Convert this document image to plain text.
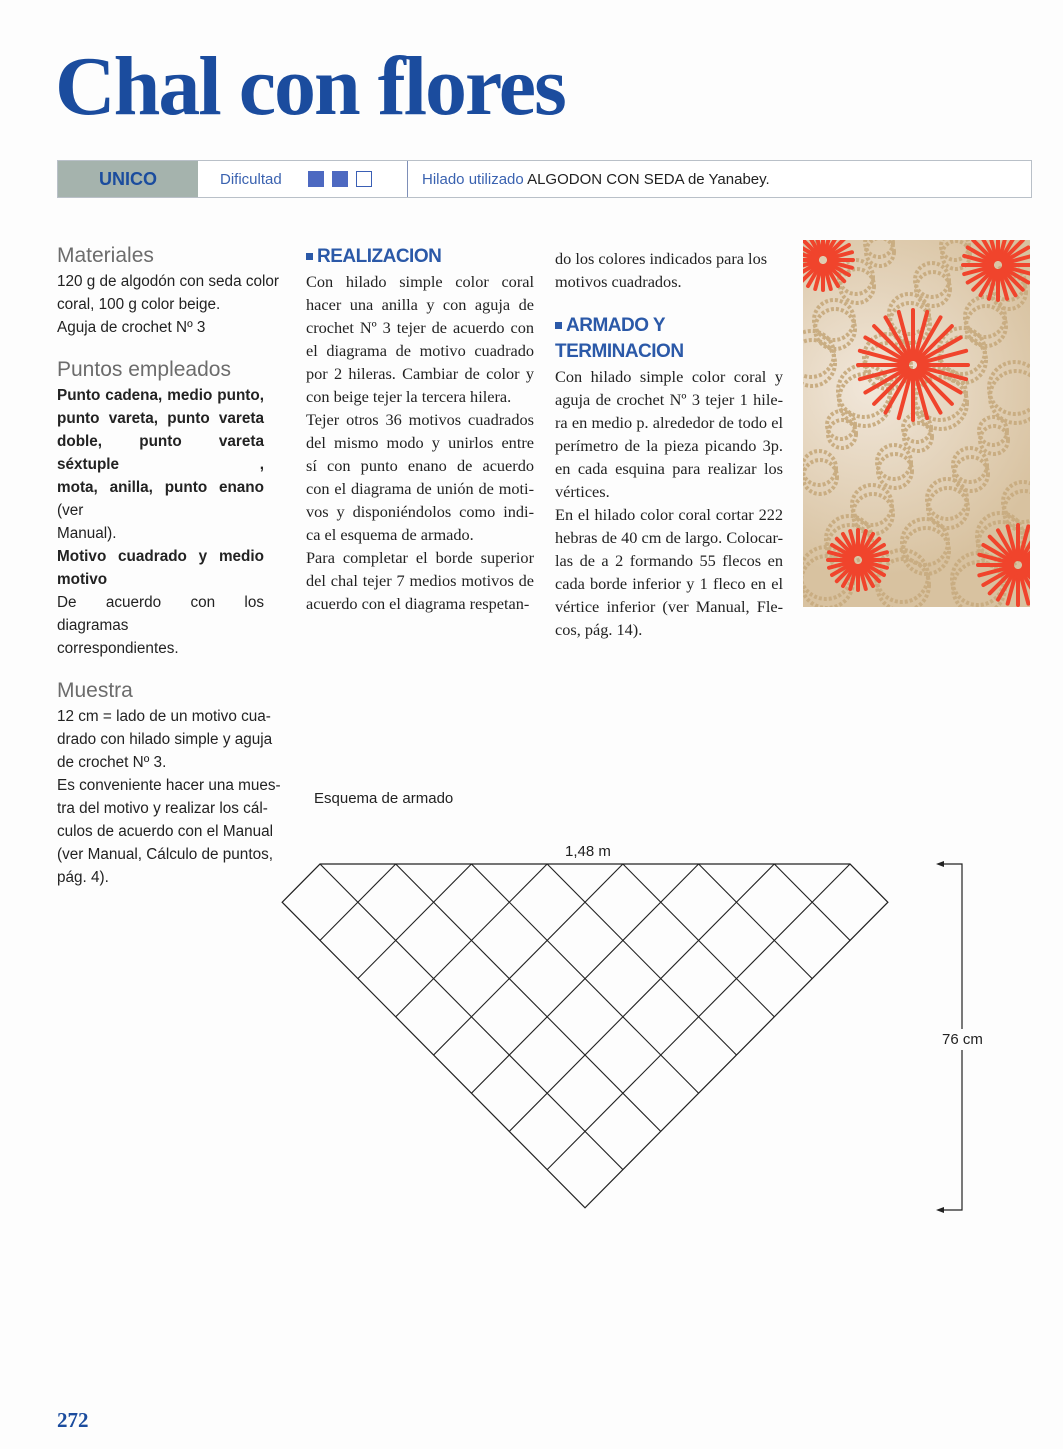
Chal con flores
UNICO	Dificultad	Hilado utilizado ALGODON CON SEDA de Yanabey.
Materiales
120 g de algodón con seda color
coral, 100 g color beige.
Aguja de crochet Nº 3
Puntos empleados
Punto cadena, medio punto,
punto vareta, punto vareta
doble, punto vareta séxtuple ,
mota, anilla, punto enano (ver
Manual).
Motivo cuadrado y medio
motivo
De acuerdo con los diagramas
correspondientes.
Muestra
12 cm = lado de un motivo cua-
drado con hilado simple y aguja
de crochet Nº 3.
Es conveniente hacer una mues-
tra del motivo y realizar los cál-
culos de acuerdo con el Manual
(ver Manual, Cálculo de puntos,
pág. 4).
REALIZACION
Con hilado simple color coral
hacer una anilla y con aguja de
crochet Nº 3 tejer de acuerdo con
el diagrama de motivo cuadrado
por 2 hileras. Cambiar de color y
con beige tejer la tercera hilera.
Tejer otros 36 motivos cuadrados
del mismo modo y unirlos entre
sí con punto enano de acuerdo
con el diagrama de unión de moti-
vos y disponiéndolos como indi-
ca el esquema de armado.
Para completar el borde superior
del chal tejer 7 medios motivos de
acuerdo con el diagrama respetan-
do los colores indicados para los
motivos cuadrados.
ARMADO Y TERMINACION
Con hilado simple color coral y
aguja de crochet Nº 3 tejer 1 hile-
ra en medio p. alrededor de todo el
perímetro de la pieza picando 3p.
en cada esquina para realizar los
vértices.
En el hilado color coral cortar 222
hebras de 40 cm de largo. Colocar-
las de a 2 formando 55 flecos en
cada borde inferior y 1 fleco en el
vértice inferior (ver Manual, Fle-
cos, pág. 14).
Esquema de armado
1,48 m
76 cm
272
